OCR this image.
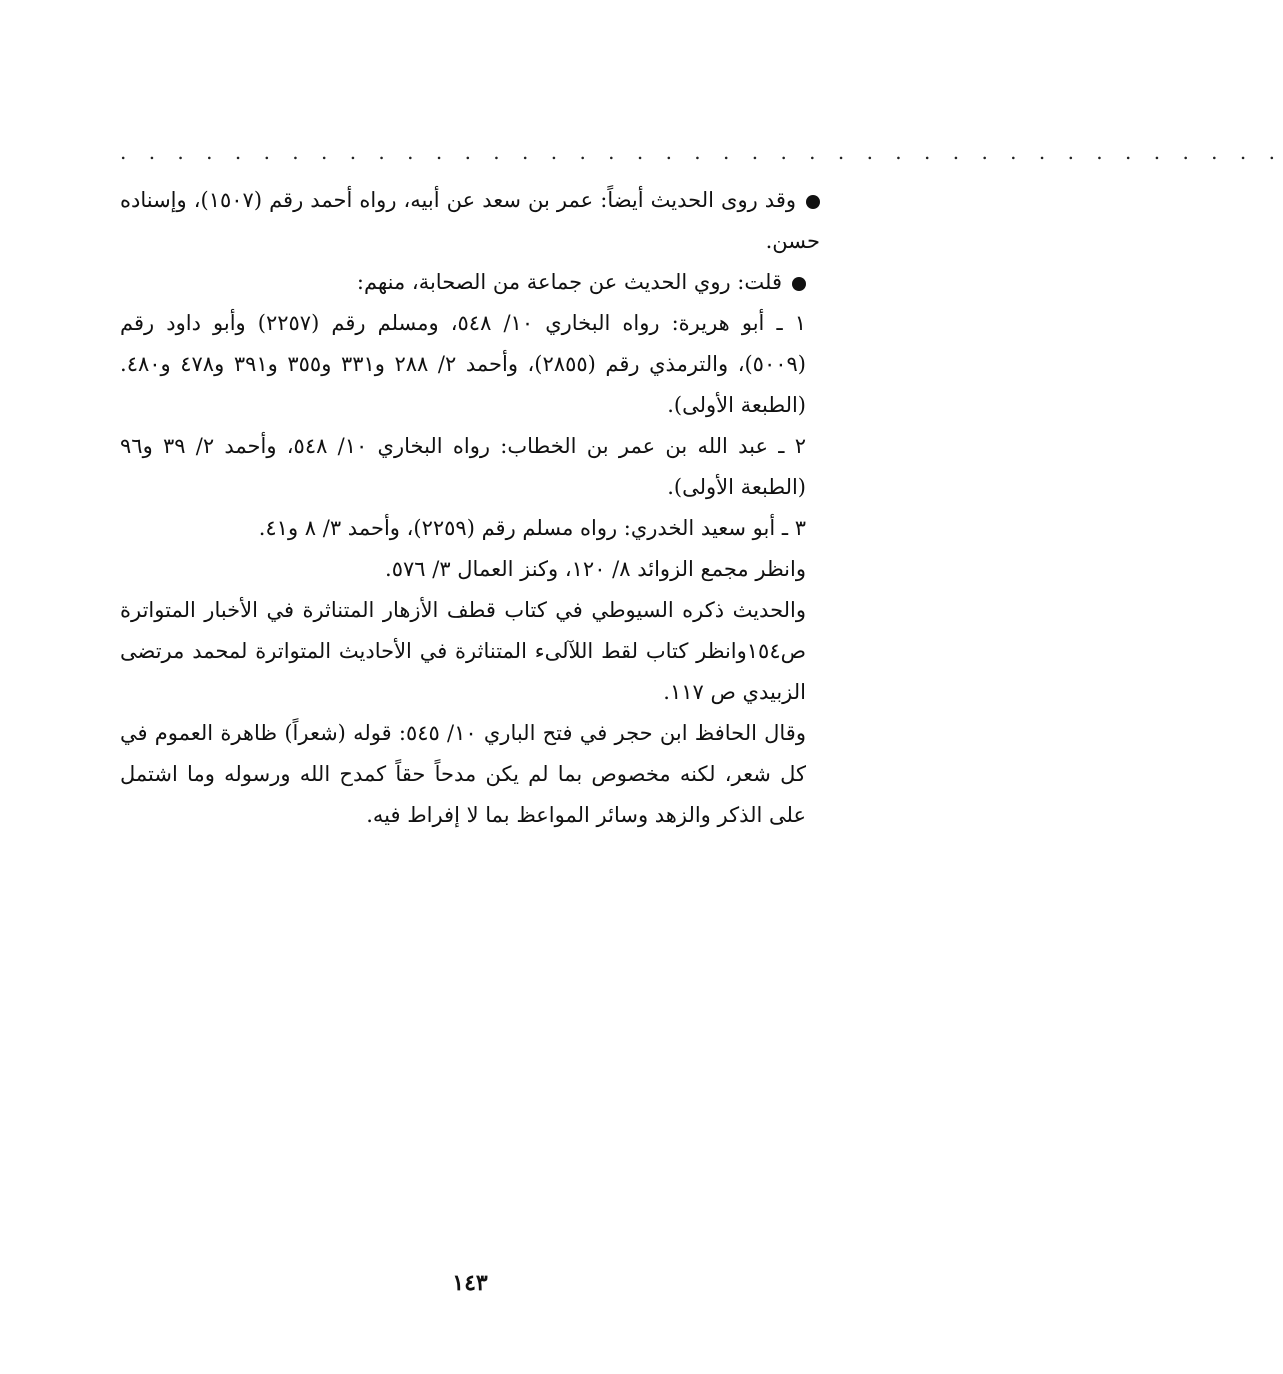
. . . . . . . . . . . . . . . . . . . . . . . . . . . . . . . . . . . . . . . . .

وقد روى الحديث أيضاً: عمر بن سعد عن أبيه، رواه أحمد رقم (١٥٠٧)، وإسناده حسن.

قلت: روي الحديث عن جماعة من الصحابة، منهم:

١ ـ أبو هريرة: رواه البخاري ١٠/ ٥٤٨، ومسلم رقم (٢٢٥٧) وأبو داود رقم (٥٠٠٩)، والترمذي رقم (٢٨٥٥)، وأحمد ٢/ ٢٨٨ و٣٣١ و٣٥٥ و٣٩١ و٤٧٨ و٤٨٠. (الطبعة الأولى).

٢ ـ عبد الله بن عمر بن الخطاب: رواه البخاري ١٠/ ٥٤٨، وأحمد ٢/ ٣٩ و٩٦ (الطبعة الأولى).

٣ ـ أبو سعيد الخدري: رواه مسلم رقم (٢٢٥٩)، وأحمد ٣/ ٨ و٤١.

وانظر مجمع الزوائد ٨/ ١٢٠، وكنز العمال ٣/ ٥٧٦.

والحديث ذكره السيوطي في كتاب قطف الأزهار المتناثرة في الأخبار المتواترة ص١٥٤وانظر كتاب لقط اللآلىء المتناثرة في الأحاديث المتواترة لمحمد مرتضى الزبيدي ص ١١٧.

وقال الحافظ ابن حجر في فتح الباري ١٠/ ٥٤٥: قوله (شعراً) ظاهرة العموم في كل شعر، لكنه مخصوص بما لم يكن مدحاً حقاً كمدح الله ورسوله وما اشتمل على الذكر والزهد وسائر المواعظ بما لا إفراط فيه.

١٤٣
